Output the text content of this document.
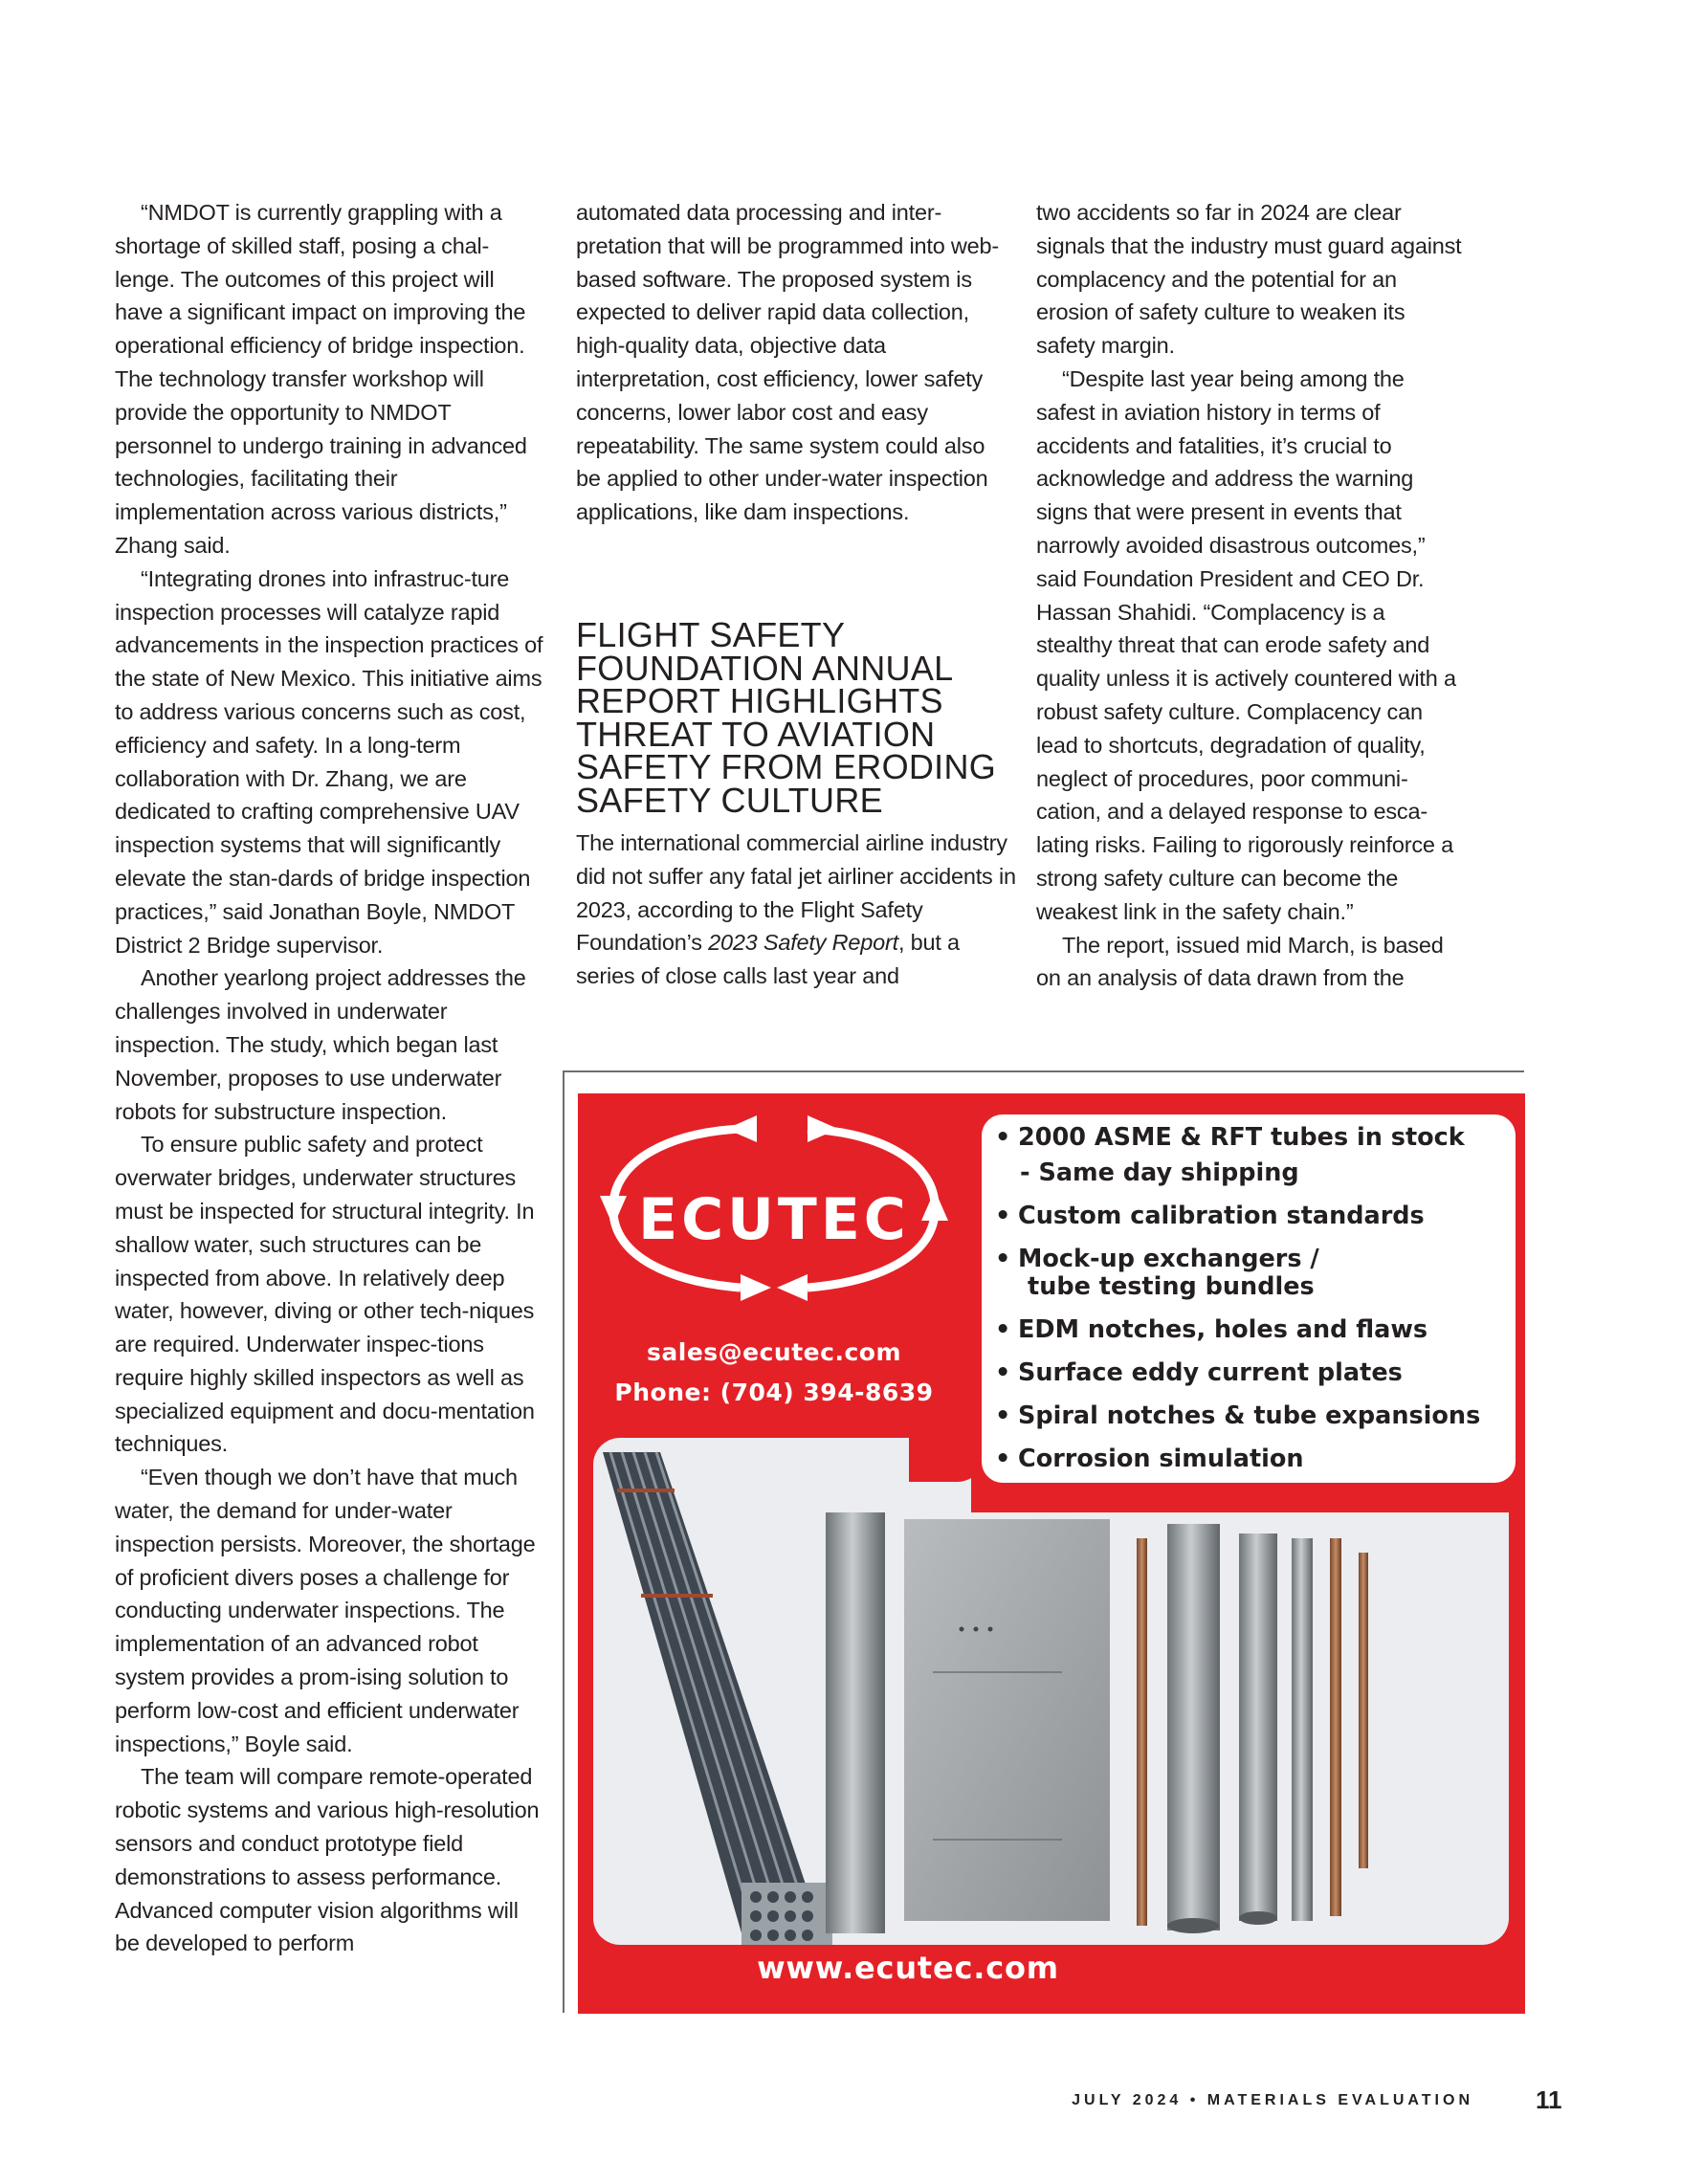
“NMDOT is currently grappling with a shortage of skilled staff, posing a chal-lenge. The outcomes of this project will have a significant impact on improving the operational efficiency of bridge inspection. The technology transfer workshop will provide the opportunity to NMDOT personnel to undergo training in advanced technologies, facilitating their implementation across various districts,” Zhang said.

“Integrating drones into infrastruc-ture inspection processes will catalyze rapid advancements in the inspection practices of the state of New Mexico. This initiative aims to address various concerns such as cost, efficiency and safety. In a long-term collaboration with Dr. Zhang, we are dedicated to crafting comprehensive UAV inspection systems that will significantly elevate the stan-dards of bridge inspection practices,” said Jonathan Boyle, NMDOT District 2 Bridge supervisor.

Another yearlong project addresses the challenges involved in underwater inspection. The study, which began last November, proposes to use underwater robots for substructure inspection.

To ensure public safety and protect overwater bridges, underwater structures must be inspected for structural integrity. In shallow water, such structures can be inspected from above. In relatively deep water, however, diving or other tech-niques are required. Underwater inspec-tions require highly skilled inspectors as well as specialized equipment and docu-mentation techniques.

“Even though we don’t have that much water, the demand for under-water inspection persists. Moreover, the shortage of proficient divers poses a challenge for conducting underwater inspections. The implementation of an advanced robot system provides a prom-ising solution to perform low-cost and efficient underwater inspections,” Boyle said.

The team will compare remote-operated robotic systems and various high-resolution sensors and conduct prototype field demonstrations to assess performance. Advanced computer vision algorithms will be developed to perform

automated data processing and inter-pretation that will be programmed into web-based software. The proposed system is expected to deliver rapid data collection, high-quality data, objective data interpretation, cost efficiency, lower safety concerns, lower labor cost and easy repeatability. The same system could also be applied to other under-water inspection applications, like dam inspections.

FLIGHT SAFETY FOUNDATION ANNUAL REPORT HIGHLIGHTS THREAT TO AVIATION SAFETY FROM ERODING SAFETY CULTURE

The international commercial airline industry did not suffer any fatal jet airliner accidents in 2023, according to the Flight Safety Foundation’s 2023 Safety Report, but a series of close calls last year and

two accidents so far in 2024 are clear signals that the industry must guard against complacency and the potential for an erosion of safety culture to weaken its safety margin.

“Despite last year being among the safest in aviation history in terms of accidents and fatalities, it’s crucial to acknowledge and address the warning signs that were present in events that narrowly avoided disastrous outcomes,” said Foundation President and CEO Dr. Hassan Shahidi. “Complacency is a stealthy threat that can erode safety and quality unless it is actively countered with a robust safety culture. Complacency can lead to shortcuts, degradation of quality, neglect of procedures, poor communi-cation, and a delayed response to esca-lating risks. Failing to rigorously reinforce a strong safety culture can become the weakest link in the safety chain.”

The report, issued mid March, is based on an analysis of data drawn from the

ECUTEC
sales@ecutec.com
Phone: (704) 394-8639
• 2000 ASME & RFT tubes in stock
- Same day shipping
• Custom calibration standards
• Mock-up exchangers /
tube testing bundles
• EDM notches, holes and flaws
• Surface eddy current plates
• Spiral notches & tube expansions
• Corrosion simulation
www.ecutec.com
JULY 2024 • MATERIALS EVALUATION	11
